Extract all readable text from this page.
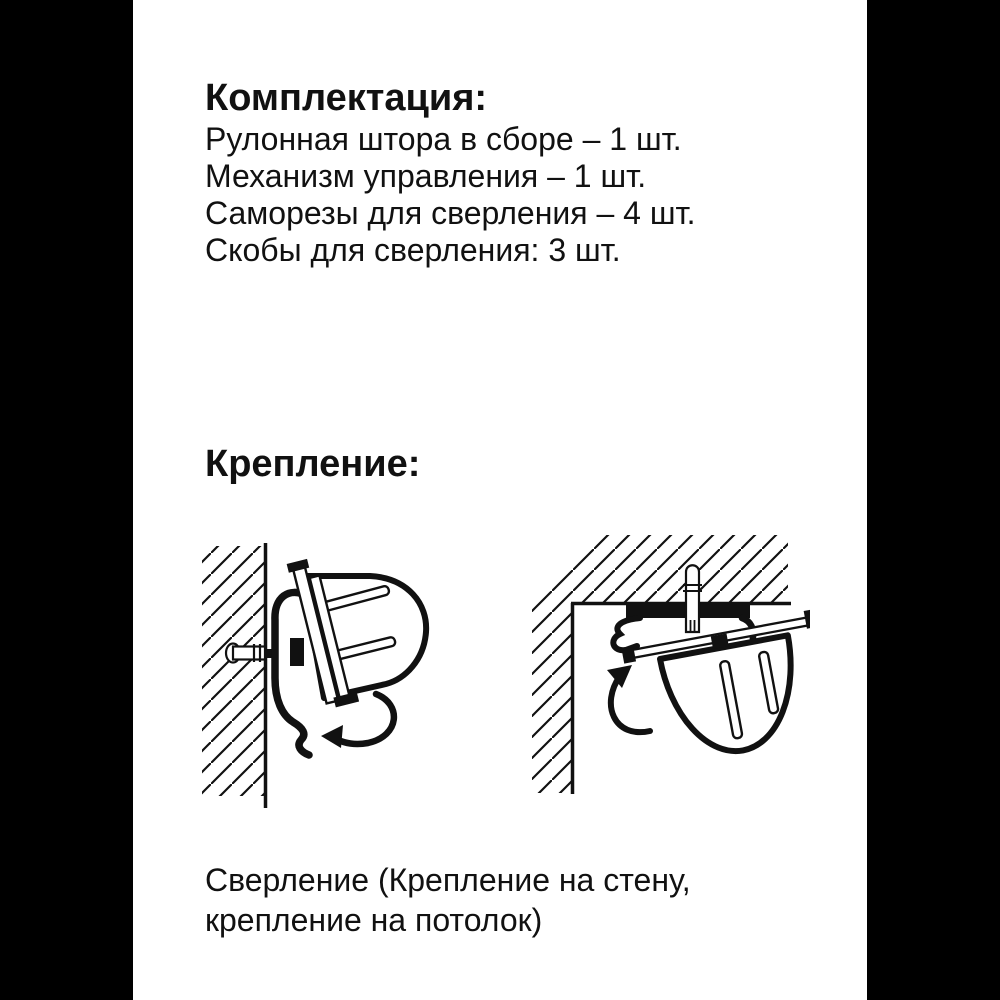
Комплектация:
Рулонная штора в сборе – 1 шт.
Механизм управления – 1 шт.
Саморезы для сверления – 4 шт.
Скобы для сверления: 3 шт.
Крепление:
Сверление (Крепление на стену,
крепление на потолок)
